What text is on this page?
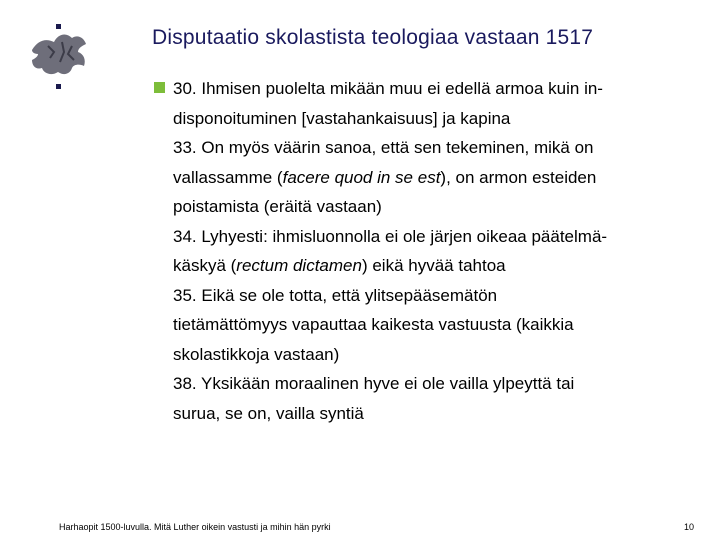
Disputaatio skolastista teologiaa vastaan 1517
30. Ihmisen puolelta mikään muu ei edellä armoa kuin in-
disponoituminen [vastahankaisuus] ja kapina
33. On myös väärin sanoa, että sen tekeminen, mikä on
vallassamme (facere quod in se est), on armon esteiden
poistamista (eräitä vastaan)
34. Lyhyesti: ihmisluonnolla ei ole järjen oikeaa päätelmä-
käskyä (rectum dictamen) eikä hyvää tahtoa
35. Eikä se ole totta, että ylitsepääsemätön
tietämättömyys vapauttaa kaikesta vastuusta (kaikkia
skolastikkoja vastaan)
38. Yksikään moraalinen hyve ei ole vailla ylpeyttä tai
surua, se on, vailla syntiä
Harhaopit 1500-luvulla. Mitä Luther oikein vastusti ja mihin hän pyrki	10
